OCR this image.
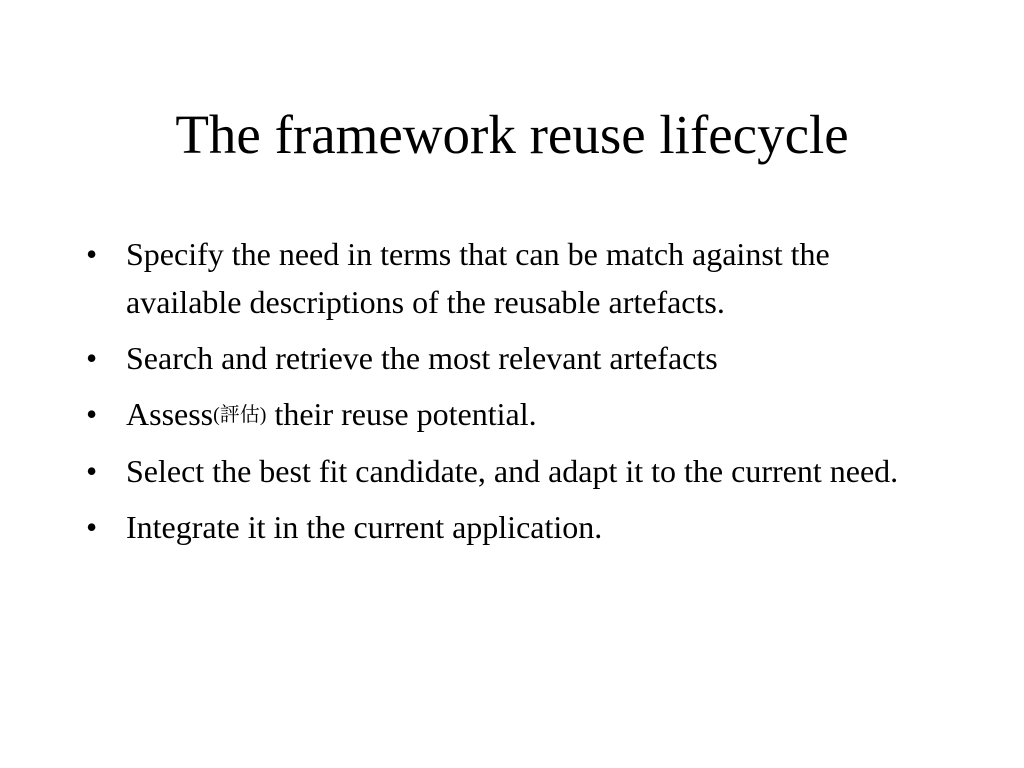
The framework reuse lifecycle
• Specify the need in terms that can be match against the available descriptions of the reusable artefacts.
• Search and retrieve the most relevant artefacts
• Assess(評估) their reuse potential.
• Select the best fit candidate, and adapt it to the current need.
• Integrate it in the current application.
